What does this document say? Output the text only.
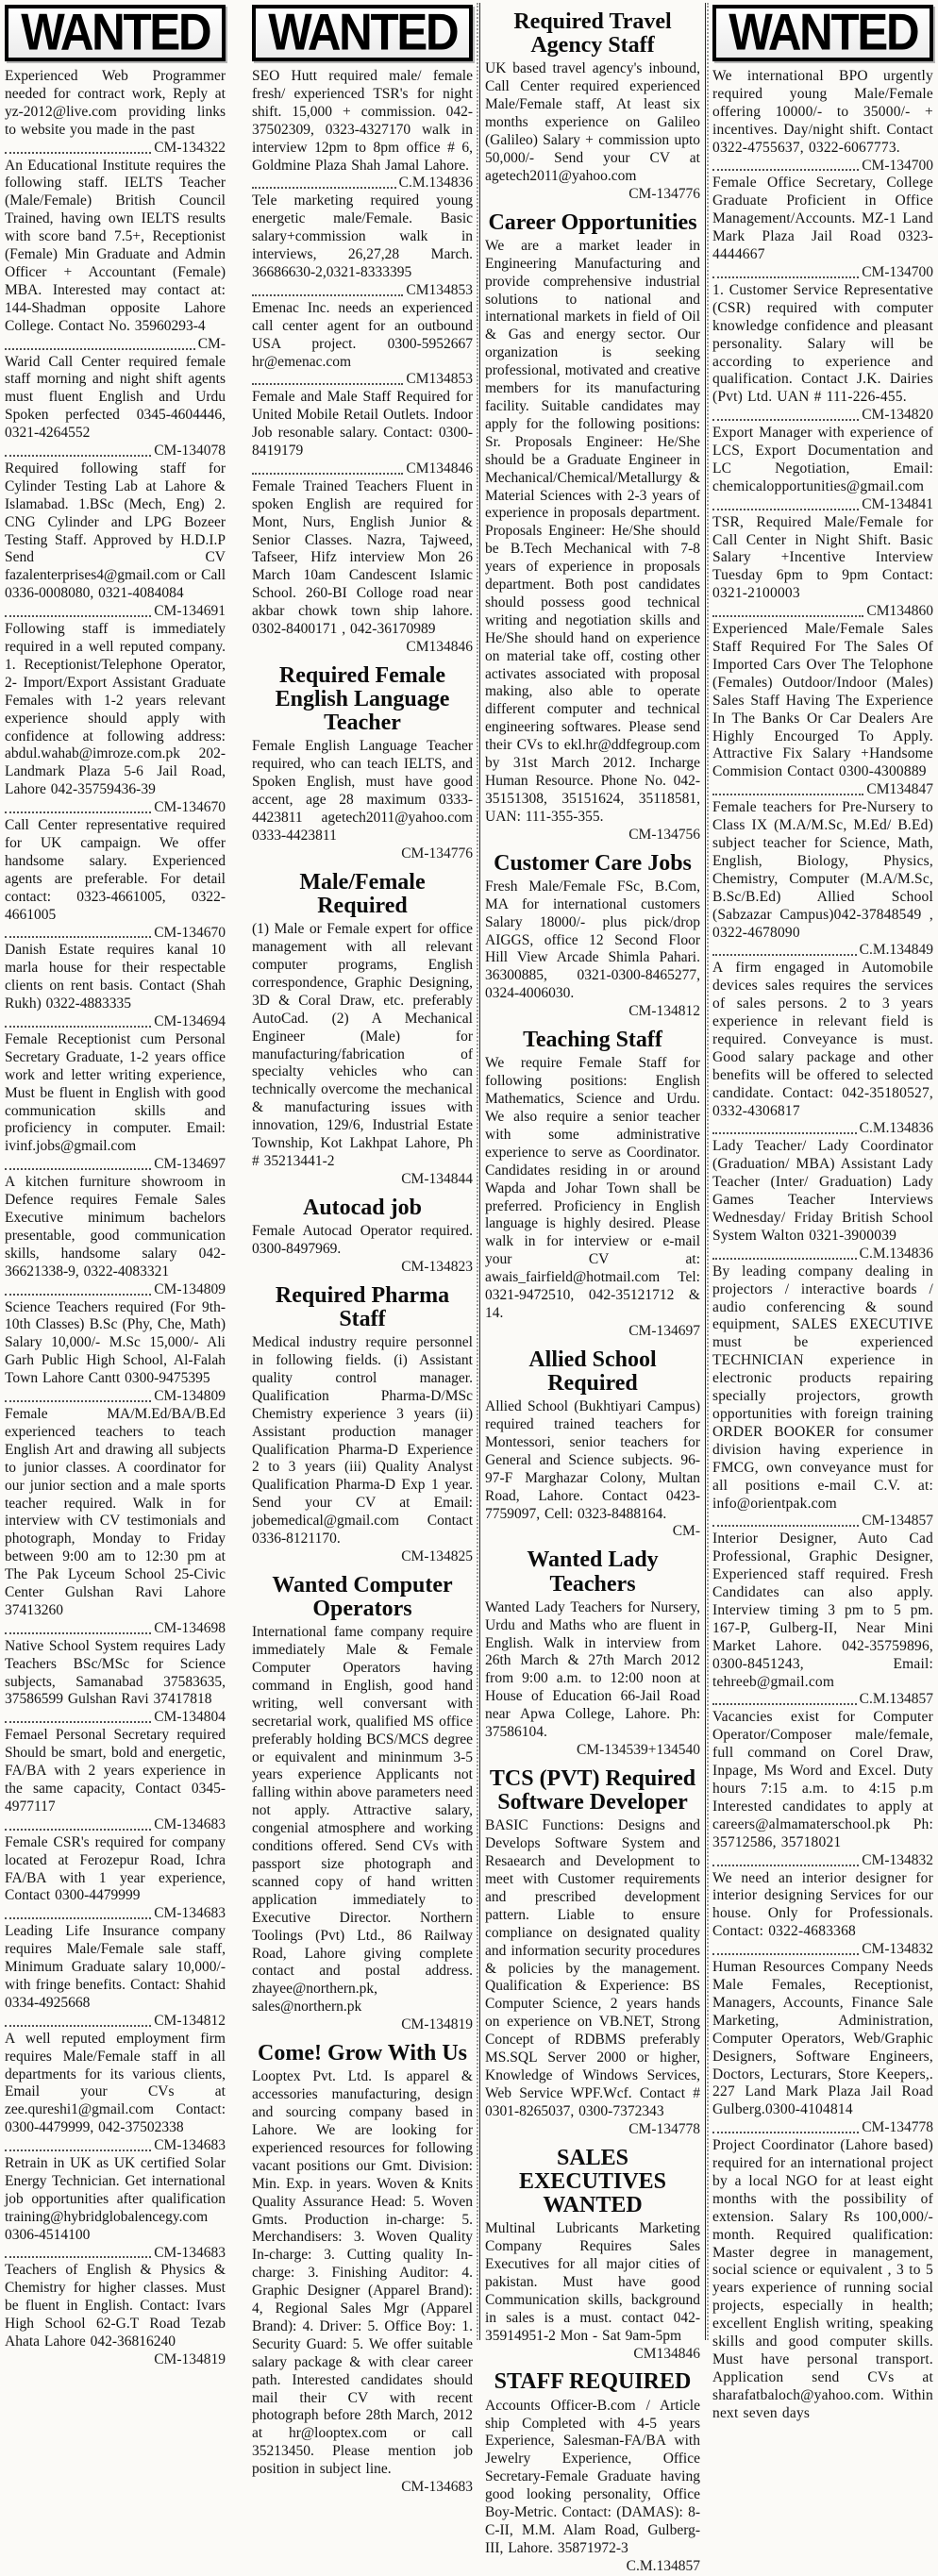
WANTED
Experienced Web Programmer needed for contract work, Reply at yz-2012@live.com providing links to website you made in the past
CM-134322
An Educational Institute requires the following staff. IELTS Teacher (Male/Female) British Council Trained, having own IELTS results with score band 7.5+, Receptionist (Female) Min Graduate and Admin Officer + Accountant (Female) MBA. Interested may contact at: 144-Shadman opposite Lahore College. Contact No. 35960293-4
CM-
Warid Call Center required female staff morning and night shift agents must fluent English and Urdu Spoken perfected 0345-4604446, 0321-4264552
CM-134078
Required following staff for Cylinder Testing Lab at Lahore & Islamabad. 1.BSc (Mech, Eng) 2. CNG Cylinder and LPG Bozeer Testing Staff. Approved by H.D.I.P Send CV fazalenterprises4@gmail.com or Call 0336-0008080, 0321-4084084
CM-134691
Following staff is immediately required in a well reputed company. 1. Receptionist/Telephone Operator, 2- Import/Export Assistant Graduate Females with 1-2 years relevant experience should apply with confidence at following address: abdul.wahab@imroze.com.pk 202-Landmark Plaza 5-6 Jail Road, Lahore 042-35759436-39
CM-134670
Call Center representative required for UK campaign. We offer handsome salary. Experienced agents are preferable. For detail contact: 0323-4661005, 0322-4661005
CM-134670
Danish Estate requires kanal 10 marla house for their respectable clients on rent basis. Contact (Shah Rukh) 0322-4883335
CM-134694
Female Receptionist cum Personal Secretary Graduate, 1-2 years office work and letter writing experience, Must be fluent in English with good communication skills and proficiency in computer. Email: ivinf.jobs@gmail.com
CM-134697
A kitchen furniture showroom in Defence requires Female Sales Executive minimum bachelors presentable, good communication skills, handsome salary 042-36621338-9, 0322-4083321
CM-134809
Science Teachers required (For 9th-10th Classes) B.Sc (Phy, Che, Math) Salary 10,000/- M.Sc 15,000/- Ali Garh Public High School, Al-Falah Town Lahore Cantt 0300-9475395
CM-134809
Female MA/M.Ed/BA/B.Ed experienced teachers to teach English Art and drawing all subjects to junior classes. A coordinator for our junior section and a male sports teacher required. Walk in for interview with CV testimonials and photograph, Monday to Friday between 9:00 am to 12:30 pm at The Pak Lyceum School 25-Civic Center Gulshan Ravi Lahore 37413260
CM-134698
Native School System requires Lady Teachers BSc/MSc for Science subjects, Samanabad 37583635, 37586599 Gulshan Ravi 37417818
CM-134804
Femael Personal Secretary required Should be smart, bold and energetic, FA/BA with 2 years experience in the same capacity, Contact 0345-4977117
CM-134683
Female CSR's required for company located at Ferozepur Road, Ichra FA/BA with 1 year experience, Contact 0300-4479999
CM-134683
Leading Life Insurance company requires Male/Female sale staff, Minimum Graduate salary 10,000/- with fringe benefits. Contact: Shahid 0334-4925668
CM-134812
A well reputed employment firm requires Male/Female staff in all departments for its various clients, Email your CVs at zee.qureshi1@gmail.com Contact: 0300-4479999, 042-37502338
CM-134683
Retrain in UK as UK certified Solar Energy Technician. Get international job opportunities after qualification training@hybridglobalencegy.com 0306-4514100
CM-134683
Teachers of English & Physics & Chemistry for higher classes. Must be fluent in English. Contact: Ivars High School 62-G.T Road Tezab Ahata Lahore 042-36816240
CM-134819
WANTED
SEO Hutt required male/ female fresh/ experienced TSR's for night shift. 15,000 + commission. 042-37502309, 0323-4327170 walk in interview 12pm to 8pm office # 6, Goldmine Plaza Shah Jamal Lahore.
C.M.134836
Tele marketing required young energetic male/Female. Basic salary+commission walk in interviews, 26,27,28 March. 36686630-2,0321-8333395
CM134853
Emenac Inc. needs an experienced call center agent for an outbound USA project. 0300-5952667 hr@emenac.com
CM134853
Female and Male Staff Required for United Mobile Retail Outlets. Indoor Job resonable salary. Contact: 0300-8419179
CM134846
Female Trained Teachers Fluent in spoken English are required for Mont, Nurs, English Junior & Senior Classes. Nazra, Tajweed, Tafseer, Hifz interview Mon 26 March 10am Candescent Islamic School. 260-BI Colloge road near akbar chowk town ship lahore. 0302-8400171 , 042-36170989
CM134846
Required Female English Language Teacher
Female English Language Teacher required, who can teach IELTS, and Spoken English, must have good accent, age 28 maximum 0333-4423811 agetech2011@yahoo.com 0333-4423811
CM-134776
Male/Female Required
(1) Male or Female expert for office management with all relevant computer programs, English correspondence, Graphic Designing, 3D & Coral Draw, etc. preferably AutoCad. (2) A Mechanical Engineer (Male) for manufacturing/fabrication of specialty vehicles who can technically overcome the mechanical & manufacturing issues with innovation, 129/6, Industrial Estate Township, Kot Lakhpat Lahore, Ph # 35213441-2
CM-134844
Autocad job
Female Autocad Operator required. 0300-8497969.
CM-134823
Required Pharma Staff
Medical industry require personnel in following fields. (i) Assistant quality control manager. Qualification Pharma-D/MSc Chemistry experience 3 years (ii) Assistant production manager Qualification Pharma-D Experience 2 to 3 years (iii) Quality Analyst Qualification Pharma-D Exp 1 year. Send your CV at Email: jobemedical@gmail.com Contact 0336-8121170.
CM-134825
Wanted Computer Operators
International fame company require immediately Male & Female Computer Operators having command in English, good hand writing, well conversant with secretarial work, qualified MS office preferably holding BCS/MCS degree or equivalent and mininmum 3-5 years experience Applicants not falling within above parameters need not apply. Attractive salary, congenial atmosphere and working conditions offered. Send CVs with passport size photograph and scanned copy of hand written application immediately to Executive Director. Northern Toolings (Pvt) Ltd., 86 Railway Road, Lahore giving complete contact and postal address. zhayee@northern.pk, sales@northern.pk
CM-134819
Come! Grow With Us
Looptex Pvt. Ltd. Is apparel & accessories manufacturing, design and sourcing company based in Lahore. We are looking for experienced resources for following vacant positions our Gmt. Division: Min. Exp. in years. Woven & Knits Quality Assurance Head: 5. Woven Gmts. Production in-charge: 5. Merchandisers: 3. Woven Quality In-charge: 3. Cutting quality In-charge: 3. Finishing Auditor: 4. Graphic Designer (Apparel Brand): 4, Regional Sales Mgr (Apparel Brand): 4. Driver: 5. Office Boy: 1. Security Guard: 5. We offer suitable salary package & with clear career path. Interested candidates should mail their CV with recent photograph before 28th March, 2012 at hr@looptex.com or call 35213450. Please mention job position in subject line.
CM-134683
Required Travel Agency Staff
UK based travel agency's inbound, Call Center required experienced Male/Female staff, At least six months experience on Galileo (Galileo) Salary + commission upto 50,000/- Send your CV at agetech2011@yahoo.com
CM-134776
Career Opportunities
We are a market leader in Engineering Manufacturing and provide comprehensive industrial solutions to national and international markets in field of Oil & Gas and energy sector. Our organization is seeking professional, motivated and creative members for its manufacturing facility. Suitable candidates may apply for the following positions: Sr. Proposals Engineer: He/She should be a Graduate Engineer in Mechanical/Chemical/Metallurgy & Material Sciences with 2-3 years of experience in proposals department. Proposals Engineer: He/She should be B.Tech Mechanical with 7-8 years of experience in proposals department. Both post candidates should possess good technical writing and negotiation skills and He/She should hand on experience on material take off, costing other activates associated with proposal making, also able to operate different computer and technical engineering softwares. Please send their CVs to ekl.hr@ddfegroup.com by 31st March 2012. Incharge Human Resource. Phone No. 042-35151308, 35151624, 35118581, UAN: 111-355-355.
CM-134756
Customer Care Jobs
Fresh Male/Female FSc, B.Com, MA for international customers Salary 18000/- plus pick/drop AIGGS, office 12 Second Floor Hill View Arcade Shimla Pahari. 36300885, 0321-0300-8465277, 0324-4006030.
CM-134812
Teaching Staff
We require Female Staff for following positions: English Mathematics, Science and Urdu. We also require a senior teacher with some administrative experience to serve as Coordinator. Candidates residing in or around Wapda and Johar Town shall be preferred. Proficiency in English language is highly desired. Please walk in for interview or e-mail your CV at: awais_fairfield@hotmail.com Tel: 0321-9472510, 042-35121712 & 14.
CM-134697
Allied School Required
Allied School (Bukhtiyari Campus) required trained teachers for Montessori, senior teachers for General and Science subjects. 96-97-F Marghazar Colony, Multan Road, Lahore. Contact 0423-7759097, Cell: 0323-8488164.
CM-
Wanted Lady Teachers
Wanted Lady Teachers for Nursery, Urdu and Maths who are fluent in English. Walk in interview from 26th March & 27th March 2012 from 9:00 a.m. to 12:00 noon at House of Education 66-Jail Road near Apwa College, Lahore. Ph: 37586104.
CM-134539+134540
TCS (PVT) Required Software Developer
BASIC Functions: Designs and Develops Software System and Resaearch and Development to meet with Customer requirements and prescribed development pattern. Liable to ensure compliance on designated quality and information security procedures & policies by the management. Qualification & Experience: BS Computer Science, 2 years hands on experience on VB.NET, Strong Concept of RDBMS preferably MS.SQL Server 2000 or higher, Knowledge of Windows Services, Web Service WPF.Wcf. Contact # 0301-8265037, 0300-7372343
CM-134778
SALES EXECUTIVES WANTED
Multinal Lubricants Marketing Company Requires Sales Executives for all major cities of pakistan. Must have good Communication skills, background in sales is a must. contact 042-35914951-2 Mon - Sat 9am-5pm
CM134846
STAFF REQUIRED
Accounts Officer-B.com / Article ship Completed with 4-5 years Experience, Salesman-FA/BA with Jewelry Experience, Office Secretary-Female Graduate having good looking personality, Office Boy-Metric. Contact: (DAMAS): 8-C-II, M.M. Alam Road, Gulberg-III, Lahore. 35871972-3
C.M.134857
WANTED
We international BPO urgently required young Male/Female offering 10000/- to 35000/- + incentives. Day/night shift. Contact 0322-4755637, 0322-6067773.
CM-134700
Female Office Secretary, College Graduate Proficient in Office Management/Accounts. MZ-1 Land Mark Plaza Jail Road 0323-4444667
CM-134700
1. Customer Service Representative (CSR) required with computer knowledge confidence and pleasant personality. Salary will be according to experience and qualification. Contact J.K. Dairies (Pvt) Ltd. UAN # 111-226-455.
CM-134820
Export Manager with experience of LCS, Export Documentation and LC Negotiation, Email: chemicalopportunities@gmail.com
CM-134841
TSR, Required Male/Female for Call Center in Night Shift. Basic Salary +Incentive Interview Tuesday 6pm to 9pm Contact: 0321-2100003
CM134860
Experienced Male/Female Sales Staff Required For The Sales Of Imported Cars Over The Telophone (Females) Outdoor/Indoor (Males) Sales Staff Having The Experience In The Banks Or Car Dealers Are Highly Encourged To Apply. Attractive Fix Salary +Handsome Commision Contact 0300-4300889
CM134847
Female teachers for Pre-Nursery to Class IX (M.A/M.Sc, M.Ed/ B.Ed) subject teacher for Science, Math, English, Biology, Physics, Chemistry, Computer (M.A/M.Sc, B.Sc/B.Ed) Allied School (Sabzazar Campus)042-37848549 , 0322-4678090
C.M.134849
A firm engaged in Automobile devices sales requires the services of sales persons. 2 to 3 years experience in relevant field is required. Conveyance is must. Good salary package and other benefits will be offered to selected candidate. Contact: 042-35180527, 0332-4306817
C.M.134836
Lady Teacher/ Lady Coordinator (Graduation/ MBA) Assistant Lady Teacher (Inter/ Graduation) Lady Games Teacher Interviews Wednesday/ Friday British School System Walton 0321-3900039
C.M.134836
By leading company dealing in projectors / interactive boards / audio conferencing & sound equipment, SALES EXECUTIVE must be experienced TECHNICIAN experience in electronic products repairing specially projectors, growth opportunities with foreign training ORDER BOOKER for consumer division having experience in FMCG, own conveyance must for all positions e-mail C.V. at: info@orientpak.com
CM-134857
Interior Designer, Auto Cad Professional, Graphic Designer, Experienced staff required. Fresh Candidates can also apply. Interview timing 3 pm to 5 pm. 167-P, Gulberg-II, Near Mini Market Lahore. 042-35759896, 0300-8451243, Email: tehreeb@gmail.com
C.M.134857
Vacancies exist for Computer Operator/Composer male/female, full command on Corel Draw, Inpage, Ms Word and Excel. Duty hours 7:15 a.m. to 4:15 p.m Interested candidates to apply at careers@almamaterschool.pk Ph: 35712586, 35718021
CM-134832
We need an interior designer for interior designing Services for our house. Only for Professionals. Contact: 0322-4683368
CM-134832
Human Resources Company Needs Male Females, Receptionist, Managers, Accounts, Finance Sale Marketing, Administration, Computer Operators, Web/Graphic Designers, Software Engineers, Doctors, Lecturars, Store Keepers,. 227 Land Mark Plaza Jail Road Gulberg.0300-4104814
CM-134778
Project Coordinator (Lahore based) required for an international project by a local NGO for at least eight months with the possibility of extension. Salary Rs 100,000/- month. Required qualification: Master degree in management, social science or equivalent , 3 to 5 years experience of running social projects, especially in health; excellent English writing, speaking skills and good computer skills. Must have personal transport. Application send CVs at sharafatbaloch@yahoo.com. Within next seven days
